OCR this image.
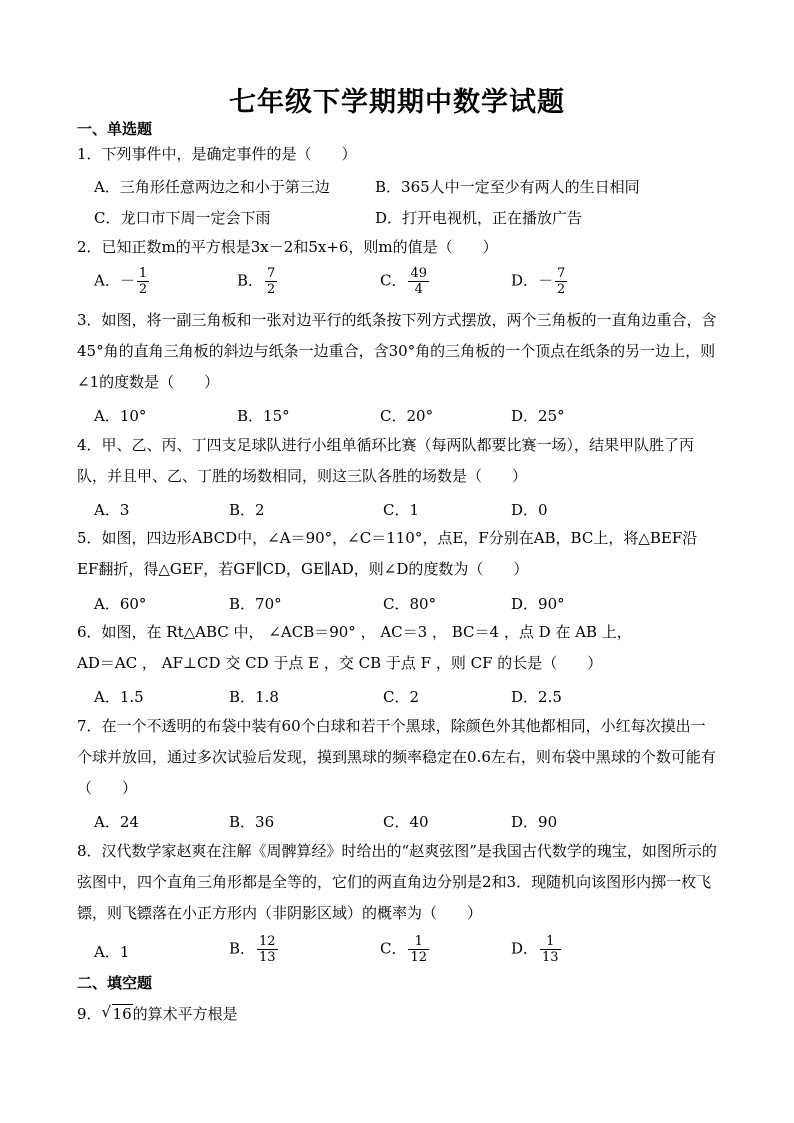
七年级下学期期中数学试题
一、单选题
1．下列事件中，是确定事件的是（　　）
A．三角形任意两边之和小于第三边	B．365人中一定至少有两人的生日相同
C．龙口市下周一定会下雨	D．打开电视机，正在播放广告
2．已知正数m的平方根是3x－2和5x+6，则m的值是（　　）
A．－ $\frac{1}{2}$	B． $\frac{7}{2}$	C． $\frac{49}{4}$	D．－ $\frac{7}{2}$
3．如图，将一副三角板和一张对边平行的纸条按下列方式摆放，两个三角板的一直角边重合，含45°角的直角三角板的斜边与纸条一边重合，含30°角的三角板的一个顶点在纸条的另一边上，则∠1的度数是（　　）
A．10°	B．15°	C．20°	D．25°
4．甲、乙、丙、丁四支足球队进行小组单循环比赛（每两队都要比赛一场），结果甲队胜了丙队，并且甲、乙、丁胜的场数相同，则这三队各胜的场数是（　　）
A．3	B．2	C．1	D．0
5．如图，四边形ABCD中，∠A＝90°，∠C＝110°，点E，F分别在AB，BC上，将△BEF沿EF翻折，得△GEF，若GF∥CD，GE∥AD，则∠D的度数为（　　）
A．60°	B．70°	C．80°	D．90°
6．如图，在 Rt△ABC 中， ∠ACB＝90° ， AC＝3 ， BC＝4 ，点 D 在 AB 上，
AD＝AC ， AF⊥CD 交 CD 于点 E ，交 CB 于点 F ，则 CF 的长是（　　）
A．1.5	B．1.8	C．2	D．2.5
7．在一个不透明的布袋中装有60个白球和若干个黑球，除颜色外其他都相同，小红每次摸出一个球并放回，通过多次试验后发现，摸到黑球的频率稳定在0.6左右，则布袋中黑球的个数可能有（　　）
A．24	B．36	C．40	D．90
8．汉代数学家赵爽在注解《周髀算经》时给出的“赵爽弦图”是我国古代数学的瑰宝，如图所示的弦图中，四个直角三角形都是全等的，它们的两直角边分别是2和3．现随机向该图形内掷一枚飞镖，则飞镖落在小正方形内（非阴影区域）的概率为（　　）
A．1	B． $\frac{12}{13}$	C． $\frac{1}{12}$	D． $\frac{1}{13}$
二、填空题
9．√ 16的算术平方根是
